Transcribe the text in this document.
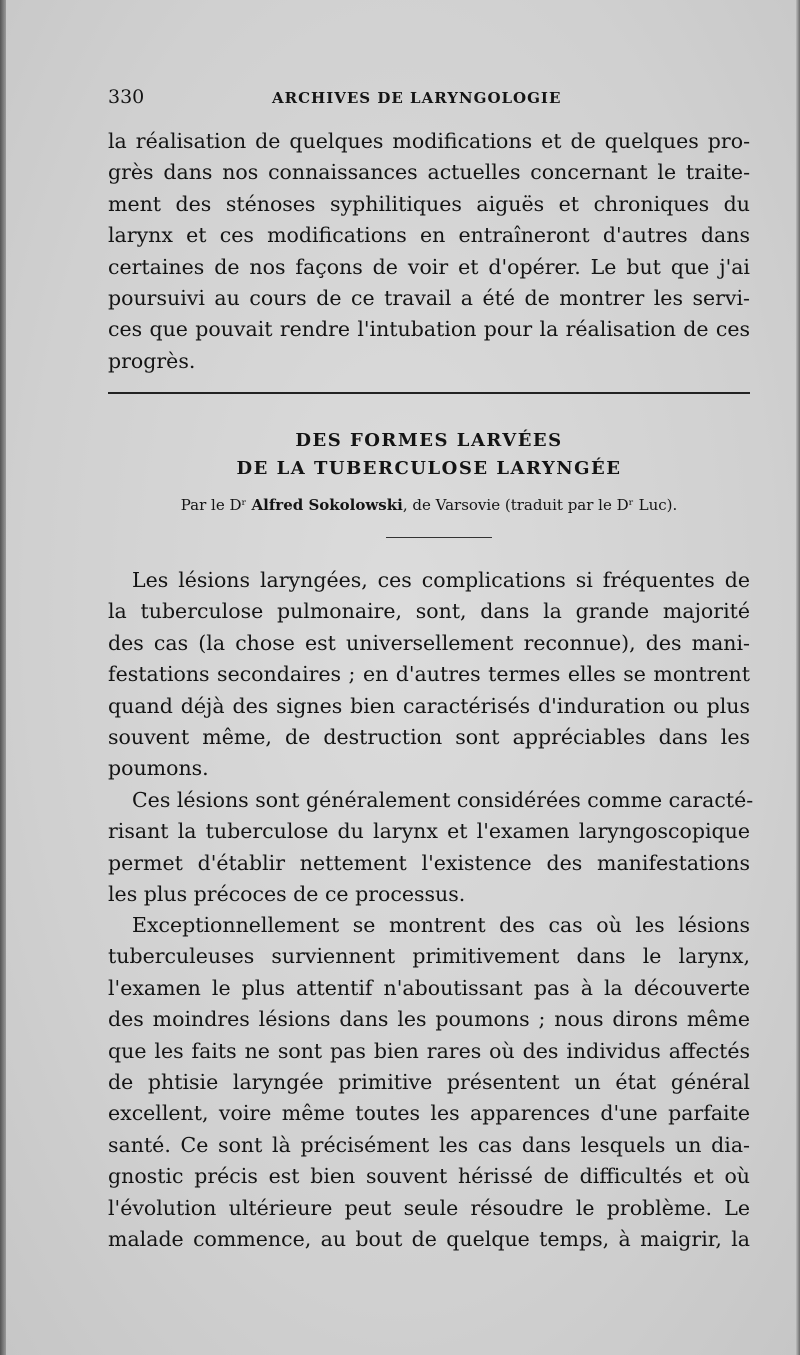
330	ARCHIVES DE LARYNGOLOGIE
la réalisation de quelques modifications et de quelques pro-
grès dans nos connaissances actuelles concernant le traite-
ment des sténoses syphilitiques aiguës et chroniques du
larynx et ces modifications en entraîneront d'autres dans
certaines de nos façons de voir et d'opérer. Le but que j'ai
poursuivi au cours de ce travail a été de montrer les servi-
ces que pouvait rendre l'intubation pour la réalisation de ces
progrès.
DES FORMES LARVÉES
DE LA TUBERCULOSE LARYNGÉE
Par le Dʳ Alfred Sokolowski, de Varsovie (traduit par le Dʳ Luc).
Les lésions laryngées, ces complications si fréquentes de
la tuberculose pulmonaire, sont, dans la grande majorité
des cas (la chose est universellement reconnue), des mani-
festations secondaires ; en d'autres termes elles se montrent
quand déjà des signes bien caractérisés d'induration ou plus
souvent même, de destruction sont appréciables dans les
poumons.
Ces lésions sont généralement considérées comme caracté-
risant la tuberculose du larynx et l'examen laryngoscopique
permet d'établir nettement l'existence des manifestations
les plus précoces de ce processus.
Exceptionnellement se montrent des cas où les lésions
tuberculeuses surviennent primitivement dans le larynx,
l'examen le plus attentif n'aboutissant pas à la découverte
des moindres lésions dans les poumons ; nous dirons même
que les faits ne sont pas bien rares où des individus affectés
de phtisie laryngée primitive présentent un état général
excellent, voire même toutes les apparences d'une parfaite
santé. Ce sont là précisément les cas dans lesquels un dia-
gnostic précis est bien souvent hérissé de difficultés et où
l'évolution ultérieure peut seule résoudre le problème. Le
malade commence, au bout de quelque temps, à maigrir, la
